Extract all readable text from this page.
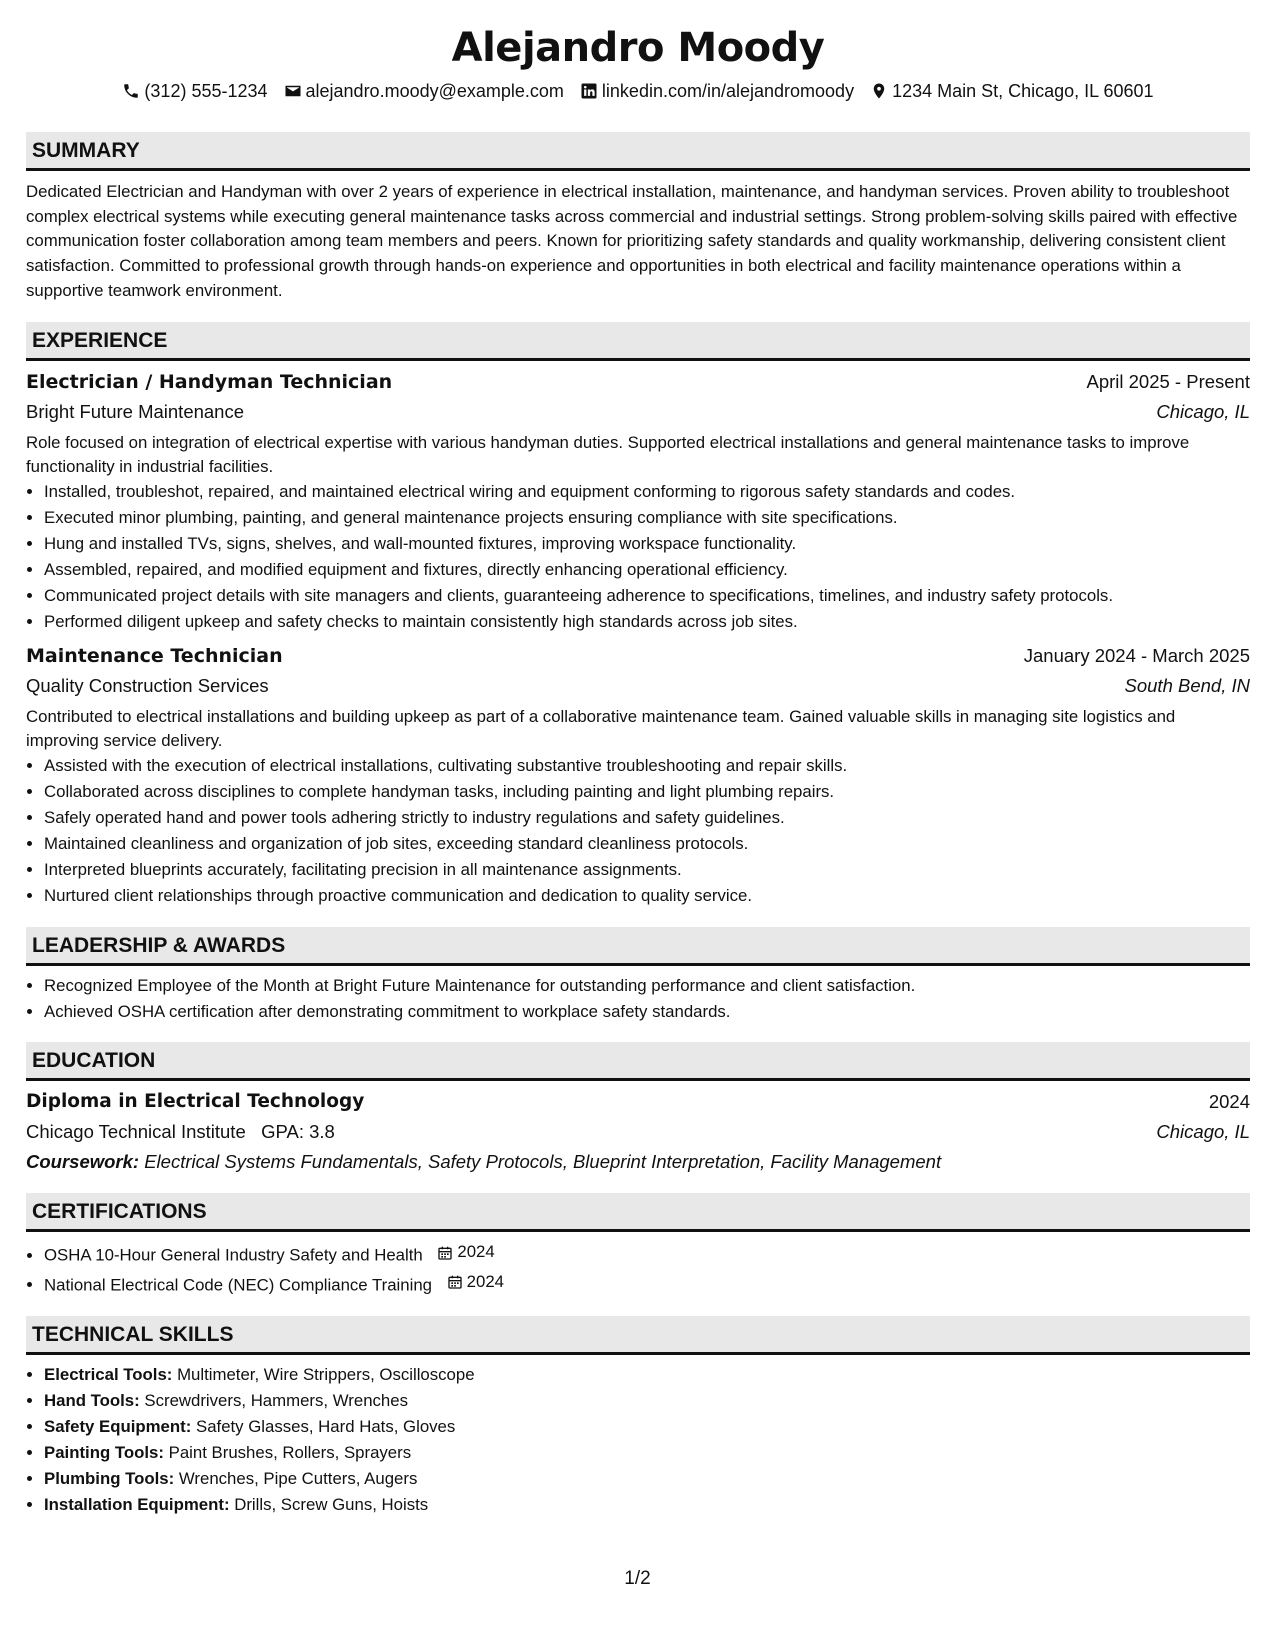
Alejandro Moody
(312) 555-1234 alejandro.moody@example.com linkedin.com/in/alejandromoody 1234 Main St, Chicago, IL 60601
SUMMARY

Dedicated Electrician and Handyman with over 2 years of experience in electrical installation, maintenance, and handyman services. Proven ability to troubleshoot complex electrical systems while executing general maintenance tasks across commercial and industrial settings. Strong problem-solving skills paired with effective communication foster collaboration among team members and peers. Known for prioritizing safety standards and quality workmanship, delivering consistent client satisfaction. Committed to professional growth through hands-on experience and opportunities in both electrical and facility maintenance operations within a supportive teamwork environment.

EXPERIENCE
Electrician / Handyman Technician	April 2025 - Present
Bright Future Maintenance	Chicago, IL

Role focused on integration of electrical expertise with various handyman duties. Supported electrical installations and general maintenance tasks to improve functionality in industrial facilities.

• Installed, troubleshot, repaired, and maintained electrical wiring and equipment conforming to rigorous safety standards and codes.
• Executed minor plumbing, painting, and general maintenance projects ensuring compliance with site specifications.
• Hung and installed TVs, signs, shelves, and wall-mounted fixtures, improving workspace functionality.
• Assembled, repaired, and modified equipment and fixtures, directly enhancing operational efficiency.
• Communicated project details with site managers and clients, guaranteeing adherence to specifications, timelines, and industry safety protocols.
• Performed diligent upkeep and safety checks to maintain consistently high standards across job sites.
Maintenance Technician	January 2024 - March 2025
Quality Construction Services	South Bend, IN

Contributed to electrical installations and building upkeep as part of a collaborative maintenance team. Gained valuable skills in managing site logistics and improving service delivery.

• Assisted with the execution of electrical installations, cultivating substantive troubleshooting and repair skills.
• Collaborated across disciplines to complete handyman tasks, including painting and light plumbing repairs.
• Safely operated hand and power tools adhering strictly to industry regulations and safety guidelines.
• Maintained cleanliness and organization of job sites, exceeding standard cleanliness protocols.
• Interpreted blueprints accurately, facilitating precision in all maintenance assignments.
• Nurtured client relationships through proactive communication and dedication to quality service.
LEADERSHIP & AWARDS
• Recognized Employee of the Month at Bright Future Maintenance for outstanding performance and client satisfaction.
• Achieved OSHA certification after demonstrating commitment to workplace safety standards.
EDUCATION
Diploma in Electrical Technology	2024
Chicago Technical Institute GPA: 3.8	Chicago, IL
Coursework: Electrical Systems Fundamentals, Safety Protocols, Blueprint Interpretation, Facility Management
CERTIFICATIONS
• OSHA 10-Hour General Industry Safety and Health 2024
• National Electrical Code (NEC) Compliance Training 2024
TECHNICAL SKILLS
• Electrical Tools: Multimeter, Wire Strippers, Oscilloscope
• Hand Tools: Screwdrivers, Hammers, Wrenches
• Safety Equipment: Safety Glasses, Hard Hats, Gloves
• Painting Tools: Paint Brushes, Rollers, Sprayers
• Plumbing Tools: Wrenches, Pipe Cutters, Augers
• Installation Equipment: Drills, Screw Guns, Hoists
1/2
